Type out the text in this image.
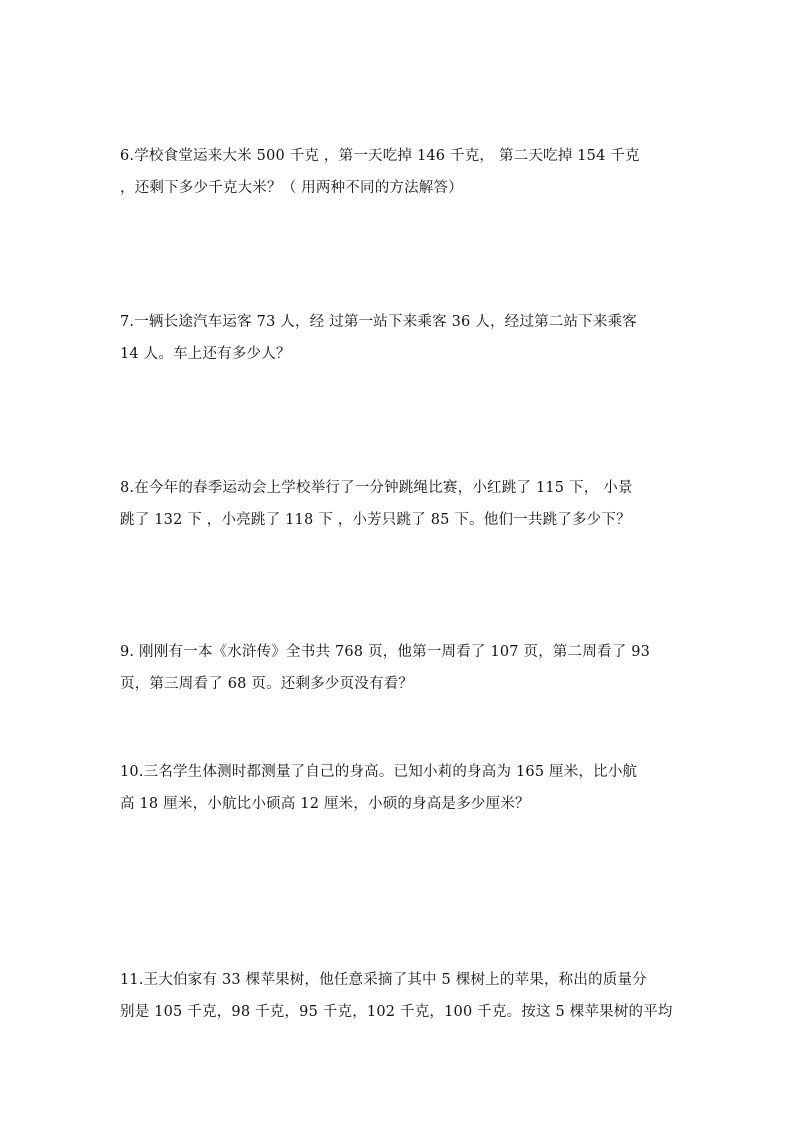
6.学校食堂运来大米 500 千克 ，第一天吃掉 146 千克， 第二天吃掉 154 千克

，还剩下多少千克大米？（ 用两种不同的方法解答）

7.一辆长途汽车运客 73 人，经 过第一站下来乘客 36 人，经过第二站下来乘客

14 人。车上还有多少人？

8.在今年的春季运动会上学校举行了一分钟跳绳比赛，小红跳了 115 下， 小景

跳了 132 下 ，小亮跳了 118 下 ，小芳只跳了 85 下。他们一共跳了多少下？

9. 刚刚有一本《水浒传》全书共 768 页，他第一周看了 107 页，第二周看了 93

页，第三周看了 68 页。还剩多少页没有看？

10.三名学生体测时都测量了自己的身高。已知小莉的身高为 165 厘米，比小航

高 18 厘米，小航比小硕高 12 厘米，小硕的身高是多少厘米？

11.王大伯家有 33 棵苹果树，他任意采摘了其中 5 棵树上的苹果，称出的质量分

别是 105 千克，98 千克，95 千克，102 千克，100 千克。按这 5 棵苹果树的平均
